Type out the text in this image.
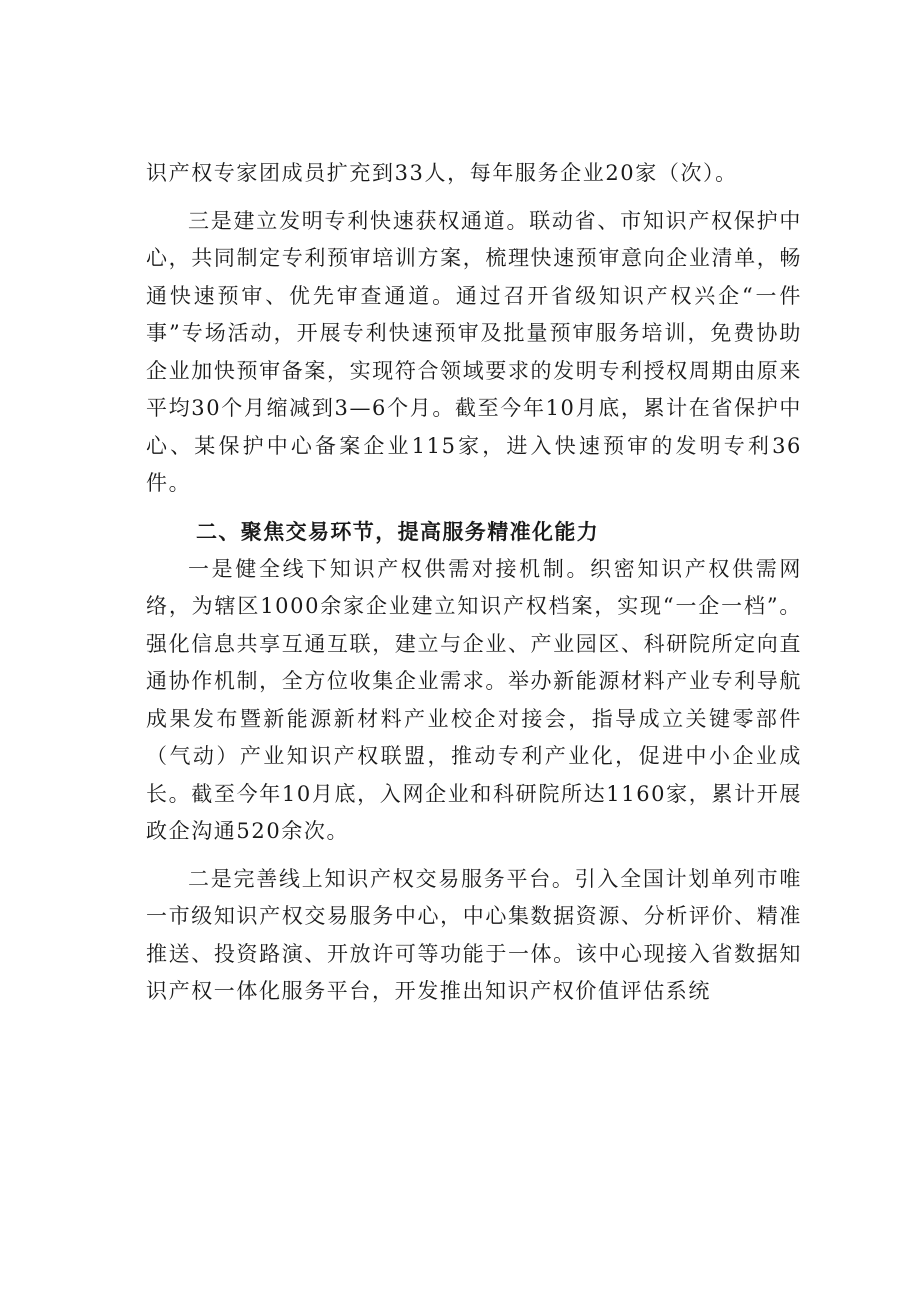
识产权专家团成员扩充到33人，每年服务企业20家（次）。

三是建立发明专利快速获权通道。联动省、市知识产权保护中心，共同制定专利预审培训方案，梳理快速预审意向企业清单，畅通快速预审、优先审查通道。通过召开省级知识产权兴企“一件事”专场活动，开展专利快速预审及批量预审服务培训，免费协助企业加快预审备案，实现符合领域要求的发明专利授权周期由原来平均30个月缩减到3—6个月。截至今年10月底，累计在省保护中心、某保护中心备案企业115家，进入快速预审的发明专利36件。

二、聚焦交易环节，提高服务精准化能力

一是健全线下知识产权供需对接机制。织密知识产权供需网络，为辖区1000余家企业建立知识产权档案，实现“一企一档”。强化信息共享互通互联，建立与企业、产业园区、科研院所定向直通协作机制，全方位收集企业需求。举办新能源材料产业专利导航成果发布暨新能源新材料产业校企对接会，指导成立关键零部件（气动）产业知识产权联盟，推动专利产业化，促进中小企业成长。截至今年10月底，入网企业和科研院所达1160家，累计开展政企沟通520余次。

二是完善线上知识产权交易服务平台。引入全国计划单列市唯一市级知识产权交易服务中心，中心集数据资源、分析评价、精准推送、投资路演、开放许可等功能于一体。该中心现接入省数据知识产权一体化服务平台，开发推出知识产权价值评估系统
